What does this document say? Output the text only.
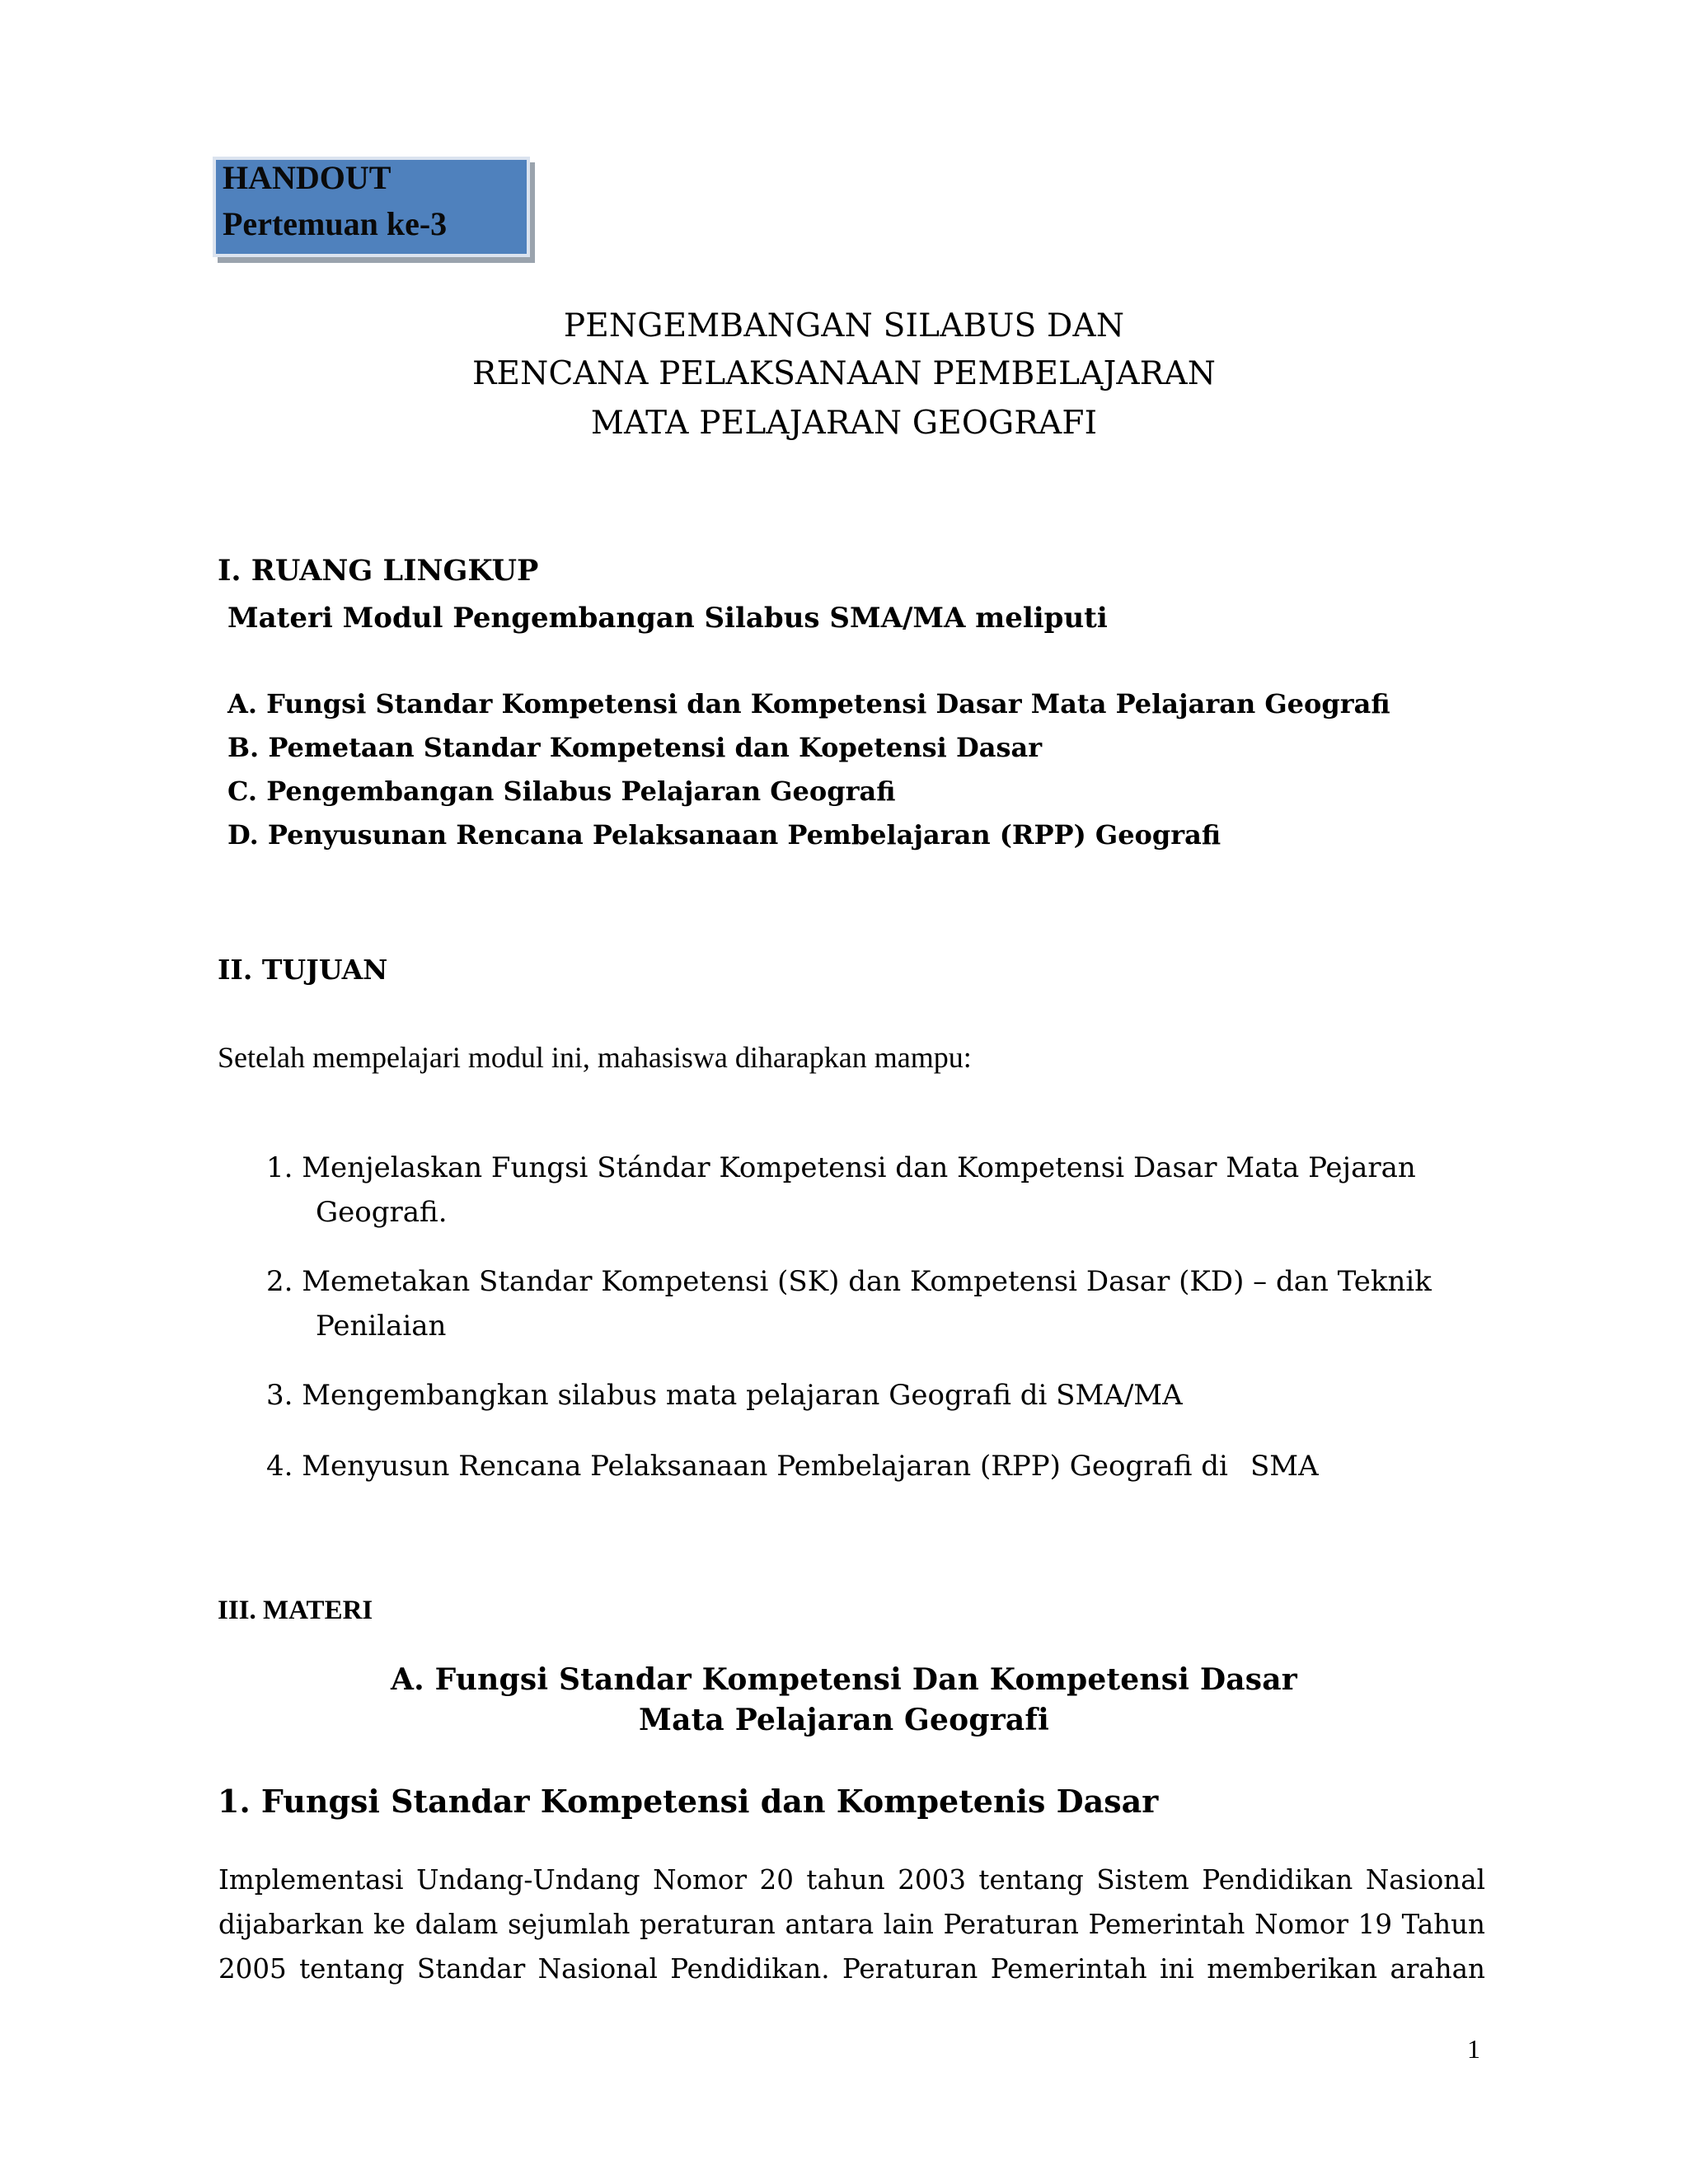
HANDOUT

Pertemuan ke-3

PENGEMBANGAN SILABUS DAN

RENCANA PELAKSANAAN PEMBELAJARAN

MATA PELAJARAN GEOGRAFI

I. RUANG LINGKUP

Materi Modul Pengembangan Silabus SMA/MA meliputi

A. Fungsi Standar Kompetensi dan Kompetensi Dasar Mata Pelajaran Geografi

B. Pemetaan Standar Kompetensi dan Kopetensi Dasar

C. Pengembangan Silabus Pelajaran Geografi

D. Penyusunan Rencana Pelaksanaan Pembelajaran (RPP) Geografi

II. TUJUAN

Setelah mempelajari modul ini, mahasiswa diharapkan mampu:

1. Menjelaskan Fungsi Stándar Kompetensi dan Kompetensi Dasar Mata Pejaran

Geografi.

2. Memetakan Standar Kompetensi (SK) dan Kompetensi Dasar (KD) – dan Teknik

Penilaian

3. Mengembangkan silabus mata pelajaran Geografi di SMA/MA

4. Menyusun Rencana Pelaksanaan Pembelajaran (RPP) Geografi di SMA

III. MATERI

A. Fungsi Standar Kompetensi Dan Kompetensi Dasar

Mata Pelajaran Geografi

1. Fungsi Standar Kompetensi dan Kompetenis Dasar

Implementasi Undang-Undang Nomor 20 tahun 2003 tentang Sistem Pendidikan Nasional
dijabarkan ke dalam sejumlah peraturan antara lain Peraturan Pemerintah Nomor 19 Tahun
2005 tentang Standar Nasional Pendidikan. Peraturan Pemerintah ini memberikan arahan

1
